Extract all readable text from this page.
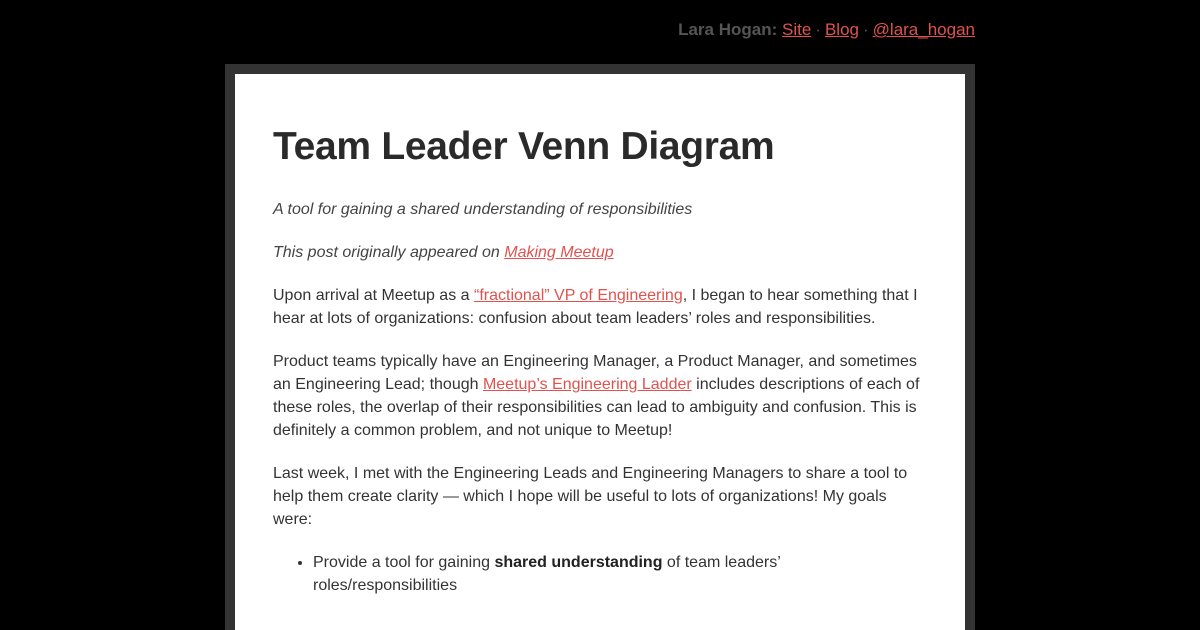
Lara Hogan: Site · Blog · @lara_hogan
Team Leader Venn Diagram

A tool for gaining a shared understanding of responsibilities

This post originally appeared on Making Meetup

Upon arrival at Meetup as a “fractional” VP of Engineering, I began to hear something that I hear at lots of organizations: confusion about team leaders’ roles and responsibilities.

Product teams typically have an Engineering Manager, a Product Manager, and sometimes an Engineering Lead; though Meetup’s Engineering Ladder includes descriptions of each of these roles, the overlap of their responsibilities can lead to ambiguity and confusion. This is definitely a common problem, and not unique to Meetup!

Last week, I met with the Engineering Leads and Engineering Managers to share a tool to help them create clarity — which I hope will be useful to lots of organizations! My goals were:

• Provide a tool for gaining shared understanding of team leaders’ roles/responsibilities
